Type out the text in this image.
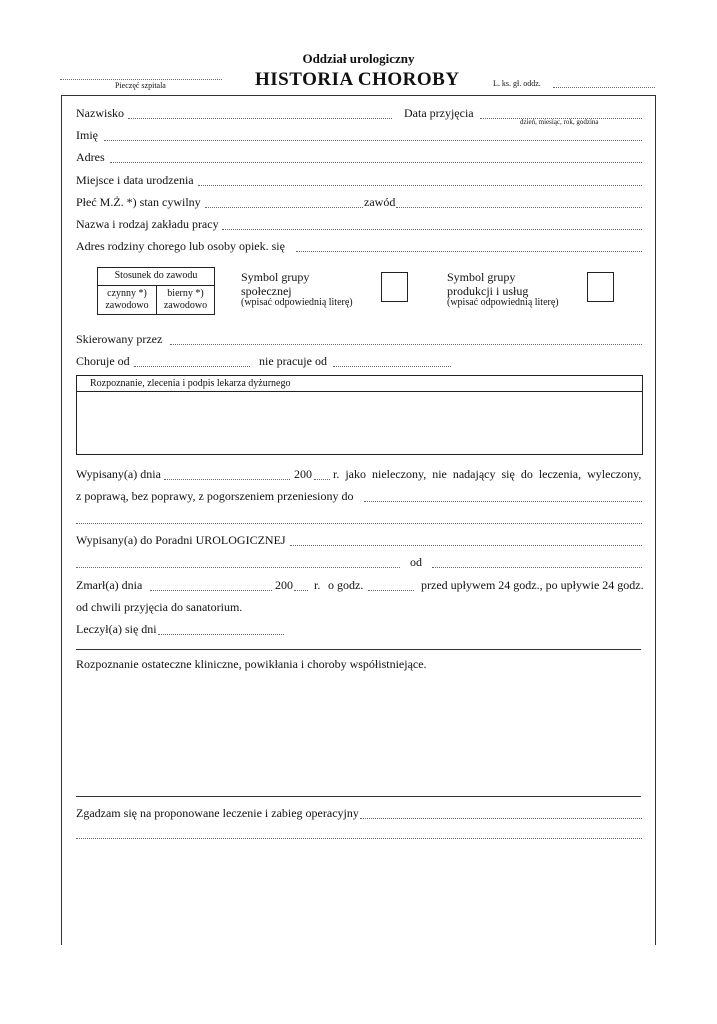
Oddział urologiczny
Pieczęć szpitala	HISTORIA CHOROBY	L. ks. gł. oddz.
Nazwisko	Data przyjęcia
dzień, miesiąc, rok, godzina
Imię
Adres
Miejsce i data urodzenia
Płeć M.Ż. *) stan cywilny	zawód
Nazwa i rodzaj zakładu pracy
Adres rodziny chorego lub osoby opiek. się
Stosunek do zawodu
czynny *)
zawodowo
bierny *)
zawodowo
Symbol grupy
społecznej
(wpisać odpowiednią literę)
Symbol grupy
produkcji i usług
(wpisać odpowiednią literę)
Skierowany przez
Choruje od	nie pracuje od
Rozpoznanie, zlecenia i podpis lekarza dyżurnego
Wypisany(a) dnia	200 r.  jako  nieleczony,  nie  nadający  się  do  leczenia,  wyleczony,
z poprawą, bez poprawy, z pogorszeniem przeniesiony do
Wypisany(a) do Poradni UROLOGICZNEJ
od
Zmarł(a) dnia	200 r. o godz.	przed upływem 24 godz., po upływie 24 godz.
od chwili przyjęcia do sanatorium.
Leczył(a) się dni
Rozpoznanie ostateczne kliniczne, powikłania i choroby współistniejące.
Zgadzam się na proponowane leczenie i zabieg operacyjny
